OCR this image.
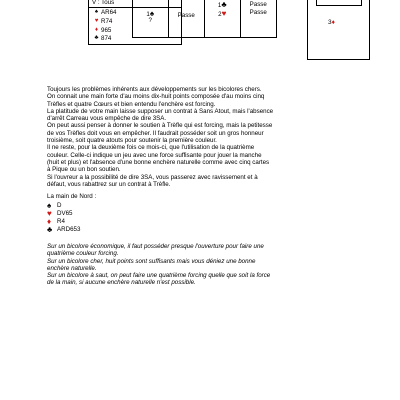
V : Tous
♠ AR64
♥ R74
♦ 965
♣ 874
1♠
?
Passe
1♣
2♥
Passe
Passe
3♦
Toujours les problèmes inhérents aux développements sur les bicolores chers.
On connait une main forte d'au moins dix-huit points composée d'au moins cinq
Trèfles et quatre Cœurs et bien entendu l'enchère est forcing.
La platitude de votre main laisse supposer un contrat à Sans Atout, mais l'absence
d'arrêt Carreau vous empêche de dire 3SA.
On peut aussi penser à donner le soutien à Trèfle qui est forcing, mais la petitesse
de vos Trèfles doit vous en empêcher. Il faudrait posséder soit un gros honneur
troisième, soit quatre atouts pour soutenir la première couleur.
Il ne reste, pour la deuxième fois ce mois-ci, que l'utilisation de la quatrième
couleur. Celle-ci indique un jeu avec une force suffisante pour jouer la manche
(huit et plus) et l'absence d'une bonne enchère naturelle comme avec cinq cartes
à Pique ou un bon soutien.
Si l'ouvreur a la possibilité de dire 3SA, vous passerez avec ravissement et à
défaut, vous rabattrez sur un contrat à Trèfle.
La main de Nord :
♠ D
♥ DV65
♦ R4
♣ ARD653
Sur un bicolore économique, il faut posséder presque l'ouverture pour faire une
quatrième couleur forcing.
Sur un bicolore cher, huit points sont suffisants mais vous déniez une bonne
enchère naturelle.
Sur un bicolore à saut, on peut faire une quatrième forcing quelle que soit la force
de la main, si aucune enchère naturelle n'est possible.
